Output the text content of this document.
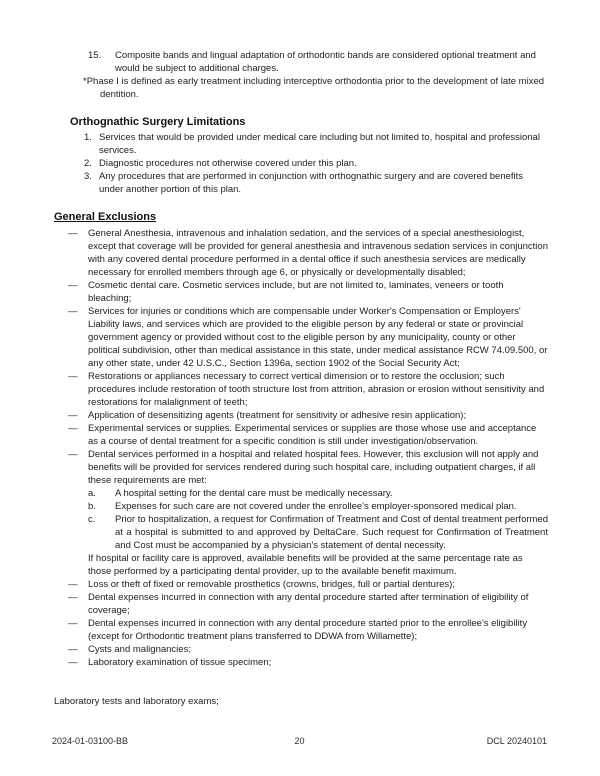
15.	Composite bands and lingual adaptation of orthodontic bands are considered optional treatment and would be subject to additional charges.
*Phase I is defined as early treatment including interceptive orthodontia prior to the development of late mixed dentition.
Orthognathic Surgery Limitations
1. Services that would be provided under medical care including but not limited to, hospital and professional services.
2. Diagnostic procedures not otherwise covered under this plan.
3. Any procedures that are performed in conjunction with orthognathic surgery and are covered benefits under another portion of this plan.
General Exclusions
—	General Anesthesia, intravenous and inhalation sedation, and the services of a special anesthesiologist, except that coverage will be provided for general anesthesia and intravenous sedation services in conjunction with any covered dental procedure performed in a dental office if such anesthesia services are medically necessary for enrolled members through age 6, or physically or developmentally disabled;
—	Cosmetic dental care. Cosmetic services include, but are not limited to, laminates, veneers or tooth bleaching;
—	Services for injuries or conditions which are compensable under Worker's Compensation or Employers' Liability laws, and services which are provided to the eligible person by any federal or state or provincial government agency or provided without cost to the eligible person by any municipality, county or other political subdivision, other than medical assistance in this state, under medical assistance RCW 74.09.500, or any other state, under 42 U.S.C., Section 1396a, section 1902 of the Social Security Act;
—	Restorations or appliances necessary to correct vertical dimension or to restore the occlusion; such procedures include restoration of tooth structure lost from attrition, abrasion or erosion without sensitivity and restorations for malalignment of teeth;
—	Application of desensitizing agents (treatment for sensitivity or adhesive resin application);
—	Experimental services or supplies. Experimental services or supplies are those whose use and acceptance as a course of dental treatment for a specific condition is still under investigation/observation.
—	Dental services performed in a hospital and related hospital fees. However, this exclusion will not apply and benefits will be provided for services rendered during such hospital care, including outpatient charges, if all these requirements are met:
a.	A hospital setting for the dental care must be medically necessary.
b.	Expenses for such care are not covered under the enrollee's employer-sponsored medical plan.
c.	Prior to hospitalization, a request for Confirmation of Treatment and Cost of dental treatment performed at a hospital is submitted to and approved by DeltaCare. Such request for Confirmation of Treatment and Cost must be accompanied by a physician's statement of dental necessity.
If hospital or facility care is approved, available benefits will be provided at the same percentage rate as those performed by a participating dental provider, up to the available benefit maximum.
—	Loss or theft of fixed or removable prosthetics (crowns, bridges, full or partial dentures);
—	Dental expenses incurred in connection with any dental procedure started after termination of eligibility of coverage;
—	Dental expenses incurred in connection with any dental procedure started prior to the enrollee's eligibility (except for Orthodontic treatment plans transferred to DDWA from Willamette);
—	Cysts and malignancies;
—	Laboratory examination of tissue specimen;
Laboratory tests and laboratory exams;
2024-01-03100-BB	20	DCL 20240101
